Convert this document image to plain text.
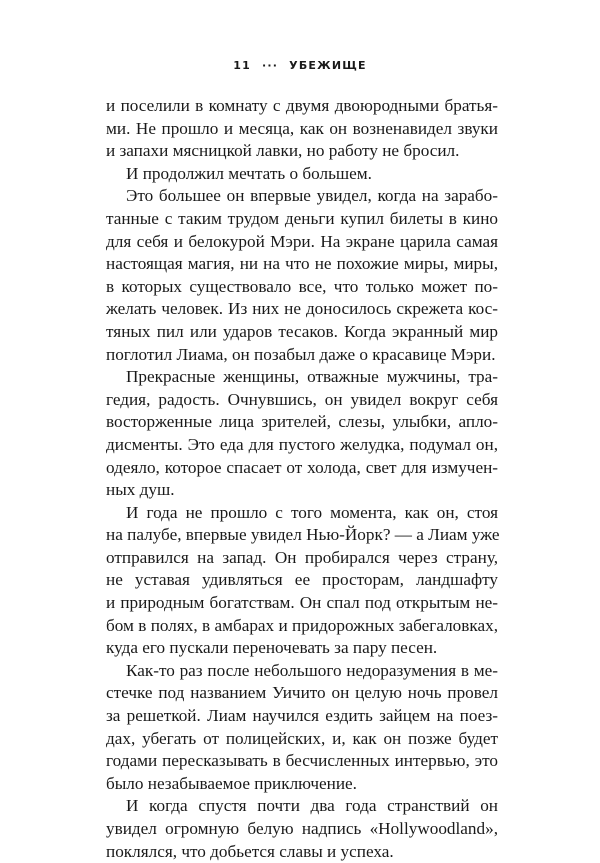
11 ··· УБЕЖИЩЕ
и поселили в комнату с двумя двоюродными братья-
ми. Не прошло и месяца, как он возненавидел звуки
и запахи мясницкой лавки, но работу не бросил.
И продолжил мечтать о большем.
Это большее он впервые увидел, когда на зарабо-
танные с таким трудом деньги купил билеты в кино
для себя и белокурой Мэри. На экране царила самая
настоящая магия, ни на что не похожие миры, миры,
в которых существовало все, что только может по-
желать человек. Из них не доносилось скрежета кос-
тяных пил или ударов тесаков. Когда экранный мир
поглотил Лиама, он позабыл даже о красавице Мэри.
Прекрасные женщины, отважные мужчины, тра-
гедия, радость. Очнувшись, он увидел вокруг себя
восторженные лица зрителей, слезы, улыбки, апло-
дисменты. Это еда для пустого желудка, подумал он,
одеяло, которое спасает от холода, свет для измучен-
ных душ.
И года не прошло с того момента, как он, стоя
на палубе, впервые увидел Нью-Йорк? — а Лиам уже
отправился на запад. Он пробирался через страну,
не уставая удивляться ее просторам, ландшафту
и природным богатствам. Он спал под открытым не-
бом в полях, в амбарах и придорожных забегаловках,
куда его пускали переночевать за пару песен.
Как-то раз после небольшого недоразумения в ме-
стечке под названием Уичито он целую ночь провел
за решеткой. Лиам научился ездить зайцем на поез-
дах, убегать от полицейских, и, как он позже будет
годами пересказывать в бесчисленных интервью, это
было незабываемое приключение.
И когда спустя почти два года странствий он
увидел огромную белую надпись «Hollywoodland»,
поклялся, что добьется славы и успеха.
